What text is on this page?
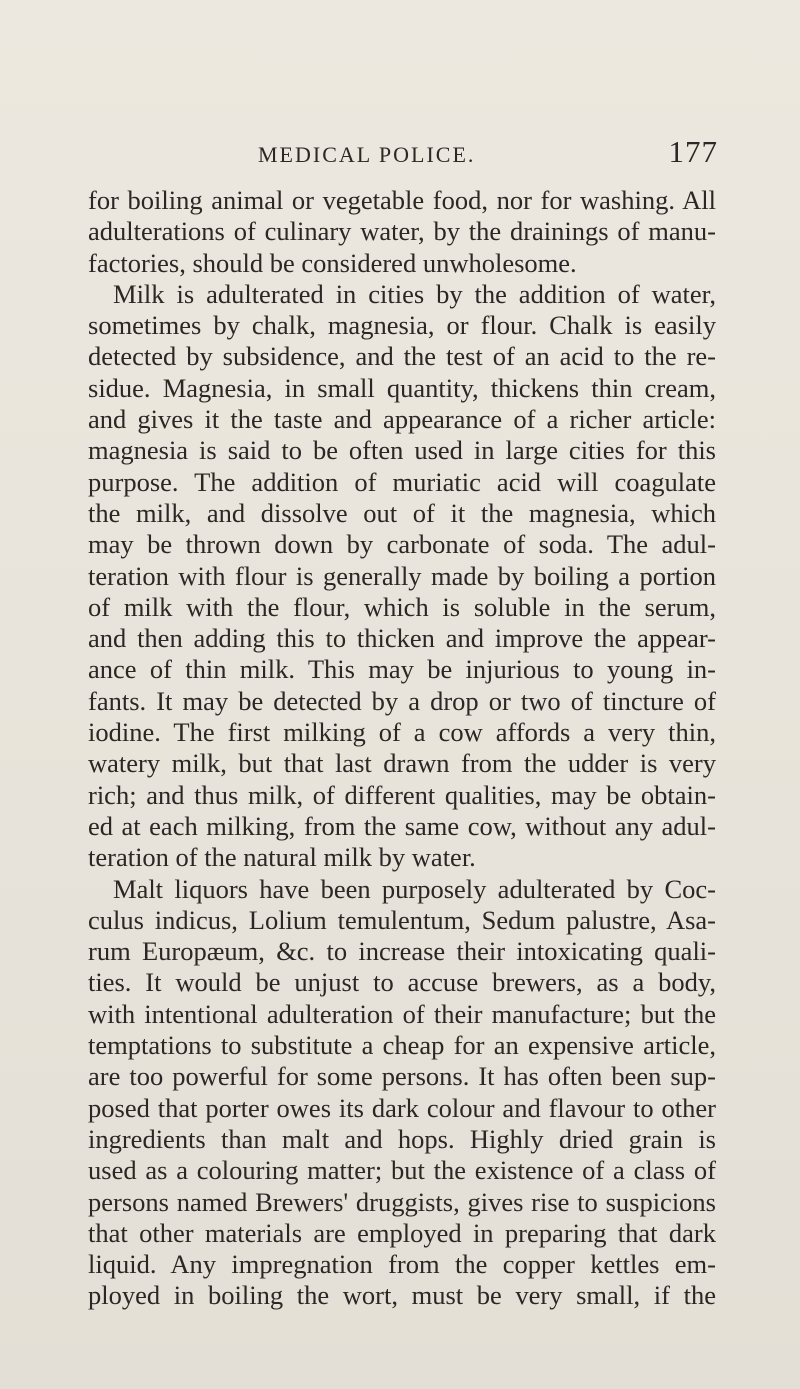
MEDICAL POLICE.	177
for boiling animal or vegetable food, nor for washing. All
adulterations of culinary water, by the drainings of manu-
factories, should be considered unwholesome.
Milk is adulterated in cities by the addition of water,
sometimes by chalk, magnesia, or flour. Chalk is easily
detected by subsidence, and the test of an acid to the re-
sidue. Magnesia, in small quantity, thickens thin cream,
and gives it the taste and appearance of a richer article:
magnesia is said to be often used in large cities for this
purpose. The addition of muriatic acid will coagulate
the milk, and dissolve out of it the magnesia, which
may be thrown down by carbonate of soda. The adul-
teration with flour is generally made by boiling a portion
of milk with the flour, which is soluble in the serum,
and then adding this to thicken and improve the appear-
ance of thin milk. This may be injurious to young in-
fants. It may be detected by a drop or two of tincture of
iodine. The first milking of a cow affords a very thin,
watery milk, but that last drawn from the udder is very
rich; and thus milk, of different qualities, may be obtain-
ed at each milking, from the same cow, without any adul-
teration of the natural milk by water.
Malt liquors have been purposely adulterated by Coc-
culus indicus, Lolium temulentum, Sedum palustre, Asa-
rum Europæum, &c. to increase their intoxicating quali-
ties. It would be unjust to accuse brewers, as a body,
with intentional adulteration of their manufacture; but the
temptations to substitute a cheap for an expensive article,
are too powerful for some persons. It has often been sup-
posed that porter owes its dark colour and flavour to other
ingredients than malt and hops. Highly dried grain is
used as a colouring matter; but the existence of a class of
persons named Brewers' druggists, gives rise to suspicions
that other materials are employed in preparing that dark
liquid. Any impregnation from the copper kettles em-
ployed in boiling the wort, must be very small, if the
